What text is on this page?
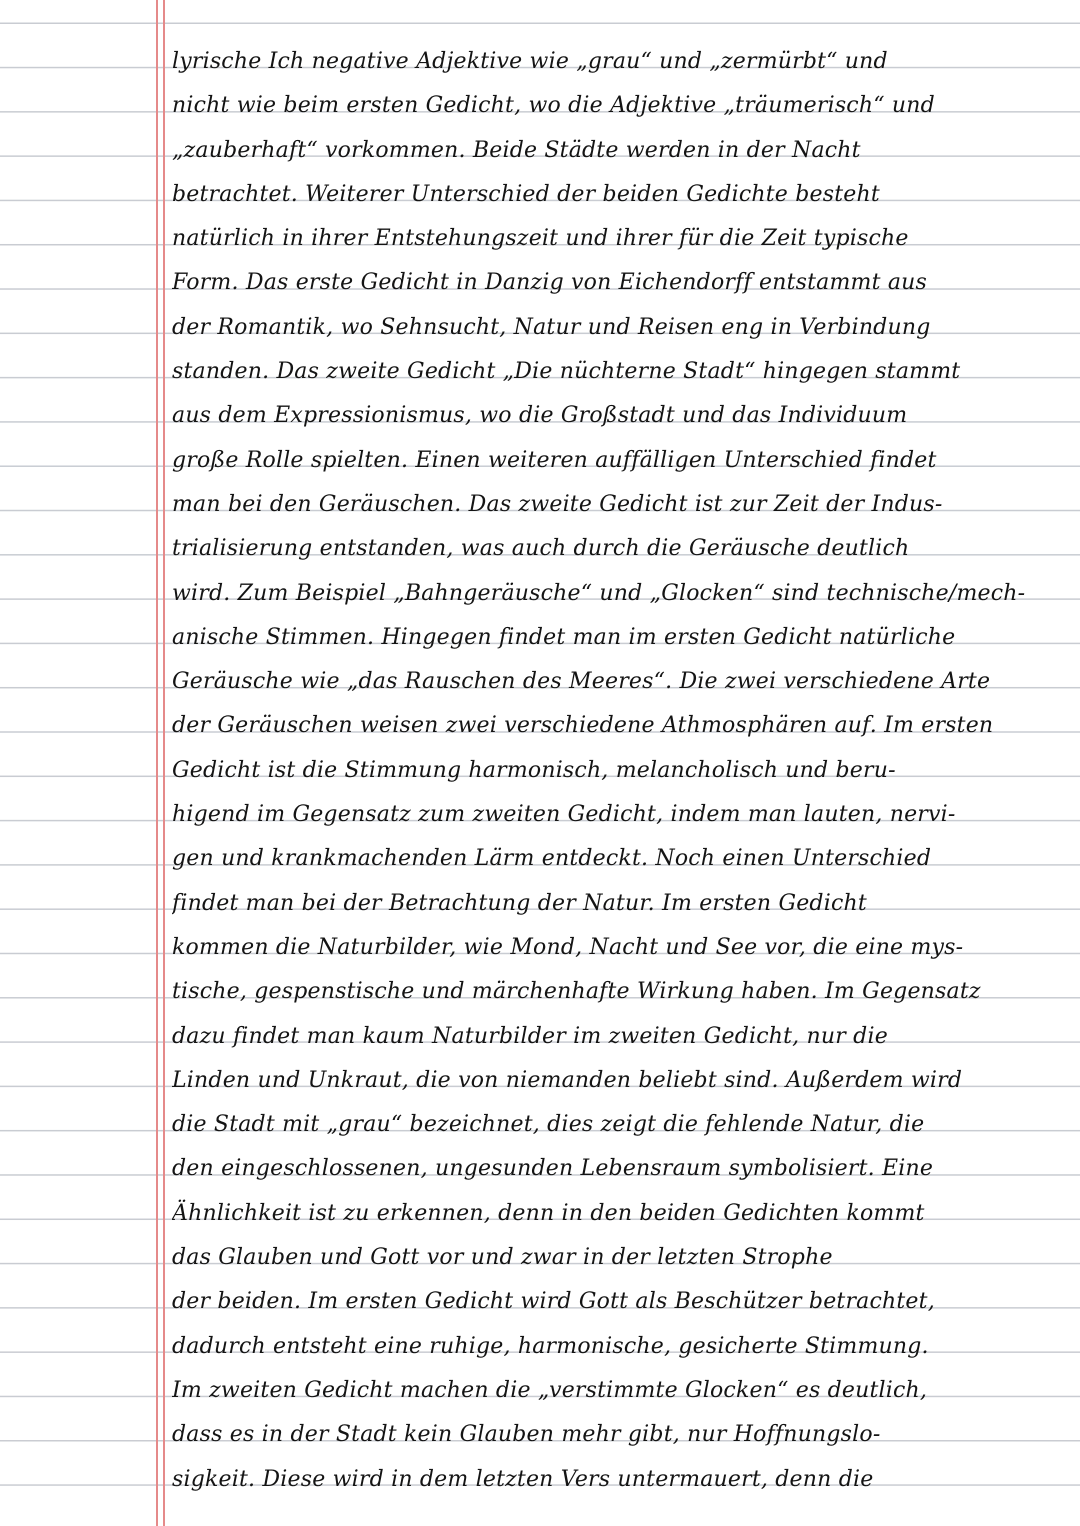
lyrische Ich negative Adjektive wie „grau“ und „zermürbt“ und
nicht wie beim ersten Gedicht, wo die Adjektive „träumerisch“ und
„zauberhaft“ vorkommen. Beide Städte werden in der Nacht
betrachtet. Weiterer Unterschied der beiden Gedichte besteht
natürlich in ihrer Entstehungszeit und ihrer für die Zeit typische
Form. Das erste Gedicht in Danzig von Eichendorff entstammt aus
der Romantik, wo Sehnsucht, Natur und Reisen eng in Verbindung
standen. Das zweite Gedicht „Die nüchterne Stadt“ hingegen stammt
aus dem Expressionismus, wo die Großstadt und das Individuum
große Rolle spielten. Einen weiteren auffälligen Unterschied findet
man bei den Geräuschen. Das zweite Gedicht ist zur Zeit der Indus-
trialisierung entstanden, was auch durch die Geräusche deutlich
wird. Zum Beispiel „Bahngeräusche“ und „Glocken“ sind technische/mech-
anische Stimmen. Hingegen findet man im ersten Gedicht natürliche
Geräusche wie „das Rauschen des Meeres“. Die zwei verschiedene Arte
der Geräuschen weisen zwei verschiedene Athmosphären auf. Im ersten
Gedicht ist die Stimmung harmonisch, melancholisch und beru-
higend im Gegensatz zum zweiten Gedicht, indem man lauten, nervi-
gen und krankmachenden Lärm entdeckt. Noch einen Unterschied
findet man bei der Betrachtung der Natur. Im ersten Gedicht
kommen die Naturbilder, wie Mond, Nacht und See vor, die eine mys-
tische, gespenstische und märchenhafte Wirkung haben. Im Gegensatz
dazu findet man kaum Naturbilder im zweiten Gedicht, nur die
Linden und Unkraut, die von niemanden beliebt sind. Außerdem wird
die Stadt mit „grau“ bezeichnet, dies zeigt die fehlende Natur, die
den eingeschlossenen, ungesunden Lebensraum symbolisiert. Eine
Ähnlichkeit ist zu erkennen, denn in den beiden Gedichten kommt
das Glauben und Gott vor und zwar in der letzten Strophe
der beiden. Im ersten Gedicht wird Gott als Beschützer betrachtet,
dadurch entsteht eine ruhige, harmonische, gesicherte Stimmung.
Im zweiten Gedicht machen die „verstimmte Glocken“ es deutlich,
dass es in der Stadt kein Glauben mehr gibt, nur Hoffnungslo-
sigkeit. Diese wird in dem letzten Vers untermauert, denn die
